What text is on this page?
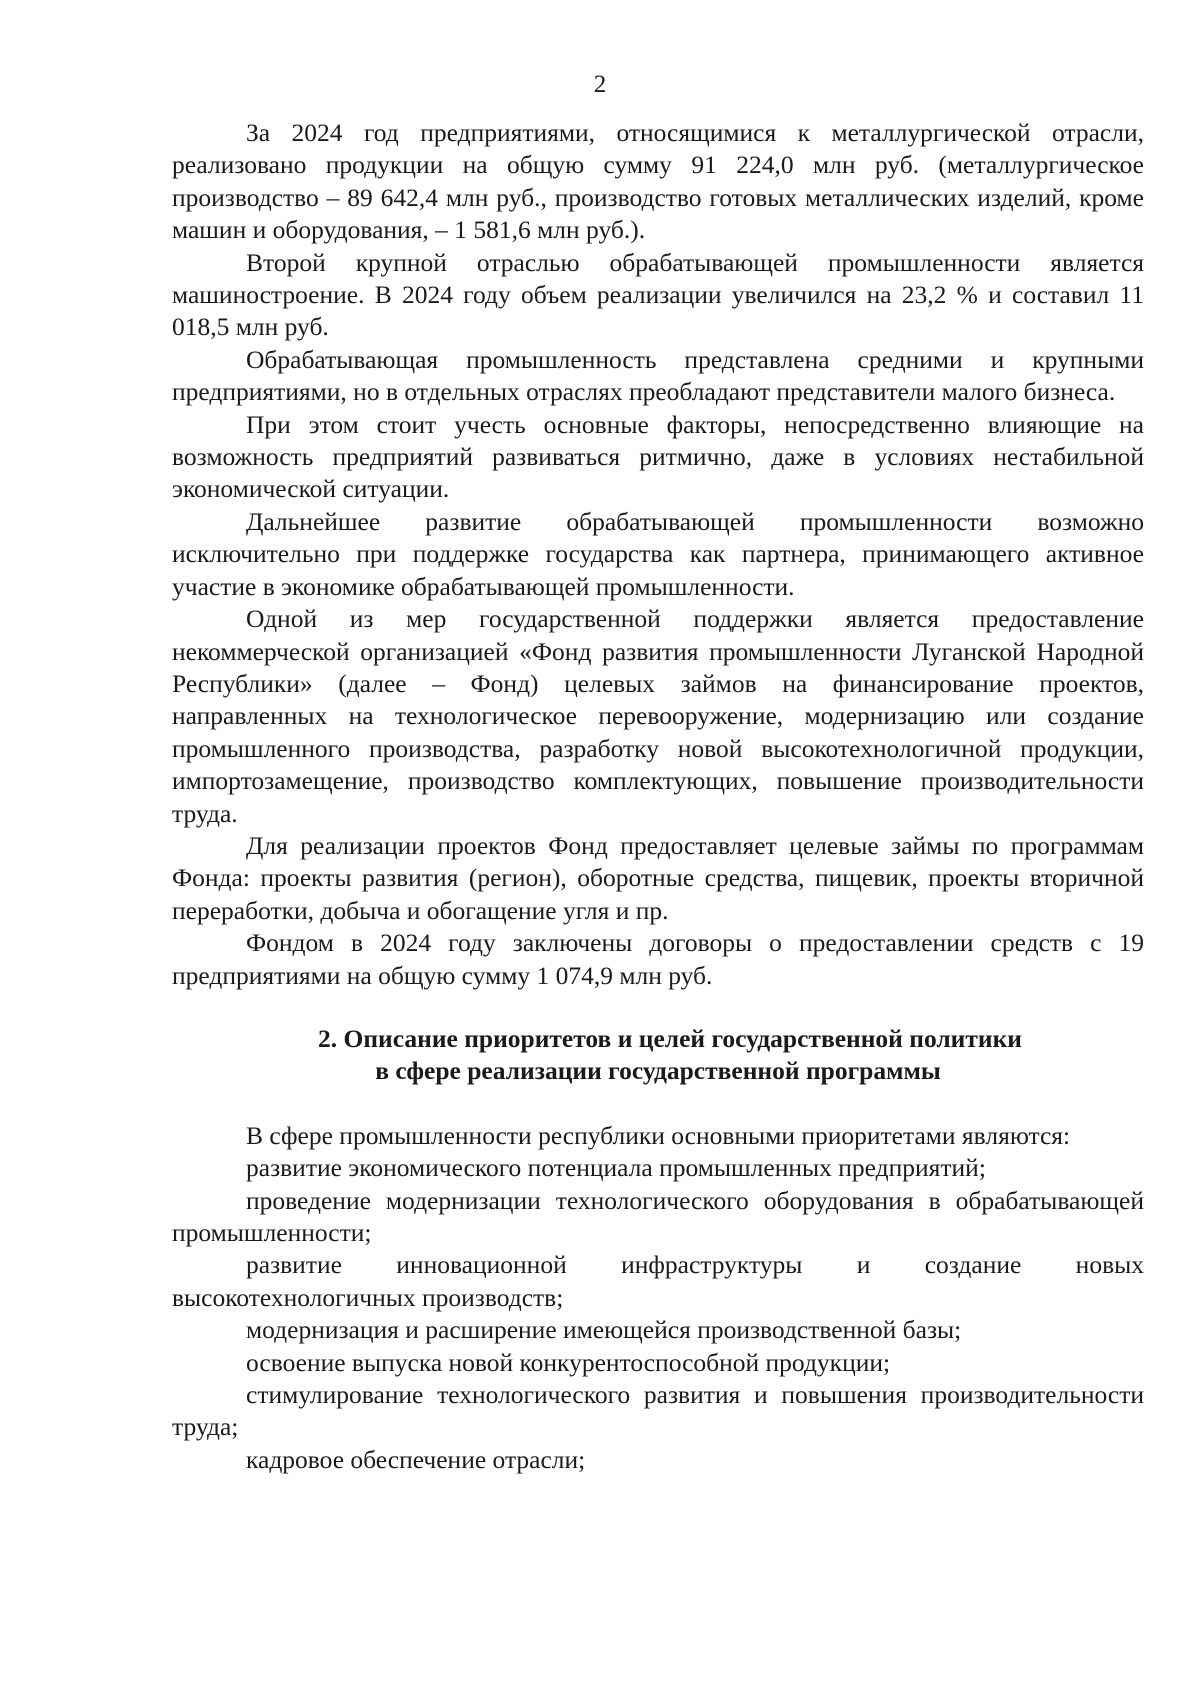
2

За 2024 год предприятиями, относящимися к металлургической отрасли, реализовано продукции на общую сумму 91 224,0 млн руб. (металлургическое производство – 89 642,4 млн руб., производство готовых металлических изделий, кроме машин и оборудования, – 1 581,6 млн руб.).

Второй крупной отраслью обрабатывающей промышленности является машиностроение. В 2024 году объем реализации увеличился на 23,2 % и составил 11 018,5 млн руб.

Обрабатывающая промышленность представлена средними и крупными предприятиями, но в отдельных отраслях преобладают представители малого бизнеса.

При этом стоит учесть основные факторы, непосредственно влияющие на возможность предприятий развиваться ритмично, даже в условиях нестабильной экономической ситуации.

Дальнейшее развитие обрабатывающей промышленности возможно исключительно при поддержке государства как партнера, принимающего активное участие в экономике обрабатывающей промышленности.

Одной из мер государственной поддержки является предоставление некоммерческой организацией «Фонд развития промышленности Луганской Народной Республики» (далее – Фонд) целевых займов на финансирование проектов, направленных на технологическое перевооружение, модернизацию или создание промышленного производства, разработку новой высокотехнологичной продукции, импортозамещение, производство комплектующих, повышение производительности труда.

Для реализации проектов Фонд предоставляет целевые займы по программам Фонда: проекты развития (регион), оборотные средства, пищевик, проекты вторичной переработки, добыча и обогащение угля и пр.

Фондом в 2024 году заключены договоры о предоставлении средств с 19 предприятиями на общую сумму 1 074,9 млн руб.

2. Описание приоритетов и целей государственной политики
в сфере реализации государственной программы

В сфере промышленности республики основными приоритетами являются:

развитие экономического потенциала промышленных предприятий;

проведение модернизации технологического оборудования в обрабатывающей промышленности;

развитие инновационной инфраструктуры и создание новых высокотехнологичных производств;

модернизация и расширение имеющейся производственной базы;

освоение выпуска новой конкурентоспособной продукции;

стимулирование технологического развития и повышения производительности труда;

кадровое обеспечение отрасли;
